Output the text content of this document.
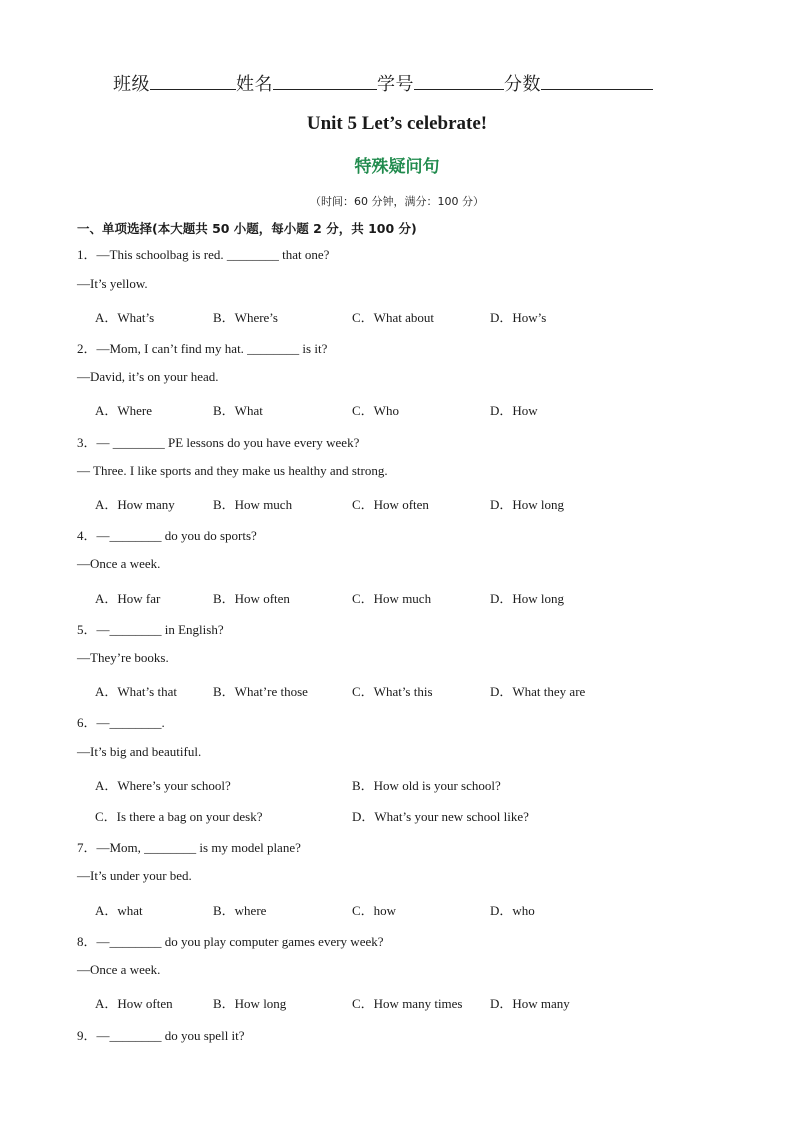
班级	姓名	学号	分数
Unit 5 Let’s celebrate!
特殊疑问句
（时间：60 分钟，满分：100 分）
一、单项选择(本大题共 50 小题，每小题 2 分，共 100 分)
1．—This schoolbag is red. ________ that one?
—It’s yellow.
A．What’s	B．Where’s	C．What about	D．How’s
2．—Mom, I can’t find my hat. ________ is it?
—David, it’s on your head.
A．Where	B．What	C．Who	D．How
3．— ________ PE lessons do you have every week?
— Three. I like sports and they make us healthy and strong.
A．How many	B．How much	C．How often	D．How long
4．—________ do you do sports?
—Once a week.
A．How far	B．How often	C．How much	D．How long
5．—________ in English?
—They’re books.
A．What’s that	B．What’re those	C．What’s this	D．What they are
6．—________.
—It’s big and beautiful.
A．Where’s your school?	B．How old is your school?
C．Is there a bag on your desk?	D．What’s your new school like?
7．—Mom, ________ is my model plane?
—It’s under your bed.
A．what	B．where	C．how	D．who
8．—________ do you play computer games every week?
—Once a week.
A．How often	B．How long	C．How many times D．How many
9．—________ do you spell it?
